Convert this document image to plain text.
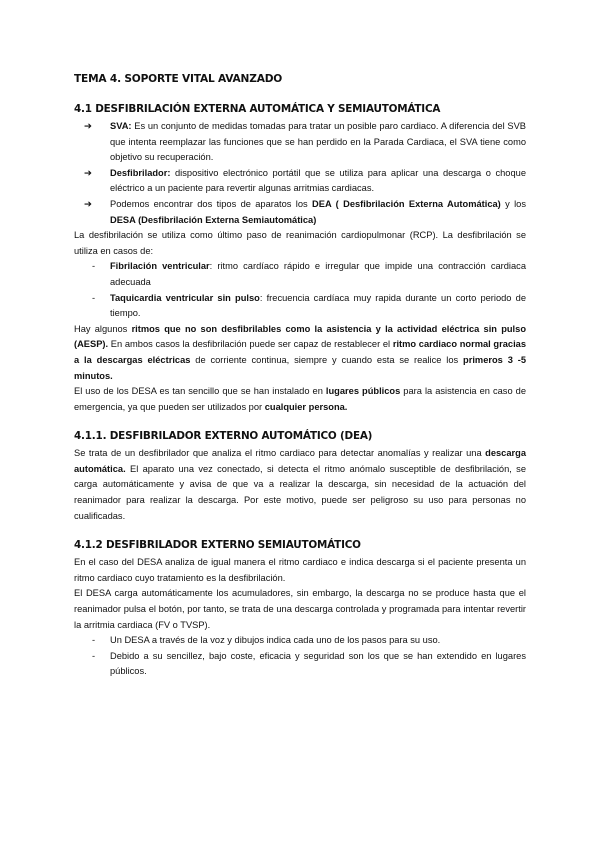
TEMA 4. SOPORTE VITAL AVANZADO
4.1 DESFIBRILACIÓN EXTERNA AUTOMÁTICA Y SEMIAUTOMÁTICA
➔ SVA: Es un conjunto de medidas tomadas para tratar un posible paro cardiaco. A diferencia del SVB que intenta reemplazar las funciones que se han perdido en la Parada Cardiaca, el SVA tiene como objetivo su recuperación.
➔ Desfibrilador: dispositivo electrónico portátil que se utiliza para aplicar una descarga o choque eléctrico a un paciente para revertir algunas arritmias cardiacas.
➔ Podemos encontrar dos tipos de aparatos los DEA ( Desfibrilación Externa Automática) y los DESA (Desfibrilación Externa Semiautomática)

La desfibrilación se utiliza como último paso de reanimación cardiopulmonar (RCP). La desfibrilación se utiliza en casos de:

- Fibrilación ventricular: ritmo cardíaco rápido e irregular que impide una contracción cardiaca adecuada
- Taquicardia ventricular sin pulso: frecuencia cardíaca muy rapida durante un corto periodo de tiempo.

Hay algunos ritmos que no son desfibrilables como la asistencia y la actividad eléctrica sin pulso (AESP). En ambos casos la desfibrilación puede ser capaz de restablecer el ritmo cardiaco normal gracias a la descargas eléctricas de corriente continua, siempre y cuando esta se realice los primeros 3 -5 minutos.

El uso de los DESA es tan sencillo que se han instalado en lugares públicos para la asistencia en caso de emergencia, ya que pueden ser utilizados por cualquier persona.

4.1.1. DESFIBRILADOR EXTERNO AUTOMÁTICO (DEA)

Se trata de un desfibrilador que analiza el ritmo cardiaco para detectar anomalías y realizar una descarga automática. El aparato una vez conectado, si detecta el ritmo anómalo susceptible de desfibrilación, se carga automáticamente y avisa de que va a realizar la descarga, sin necesidad de la actuación del reanimador para realizar la descarga. Por este motivo, puede ser peligroso su uso para personas no cualificadas.

4.1.2 DESFIBRILADOR EXTERNO SEMIAUTOMÁTICO

En el caso del DESA analiza de igual manera el ritmo cardiaco e indica descarga si el paciente presenta un ritmo cardiaco cuyo tratamiento es la desfibrilación.

El DESA carga automáticamente los acumuladores, sin embargo, la descarga no se produce hasta que el reanimador pulsa el botón, por tanto, se trata de una descarga controlada y programada para intentar revertir la arritmia cardiaca (FV o TVSP).

- Un DESA a través de la voz y dibujos indica cada uno de los pasos para su uso.
- Debido a su sencillez, bajo coste, eficacia y seguridad son los que se han extendido en lugares públicos.
